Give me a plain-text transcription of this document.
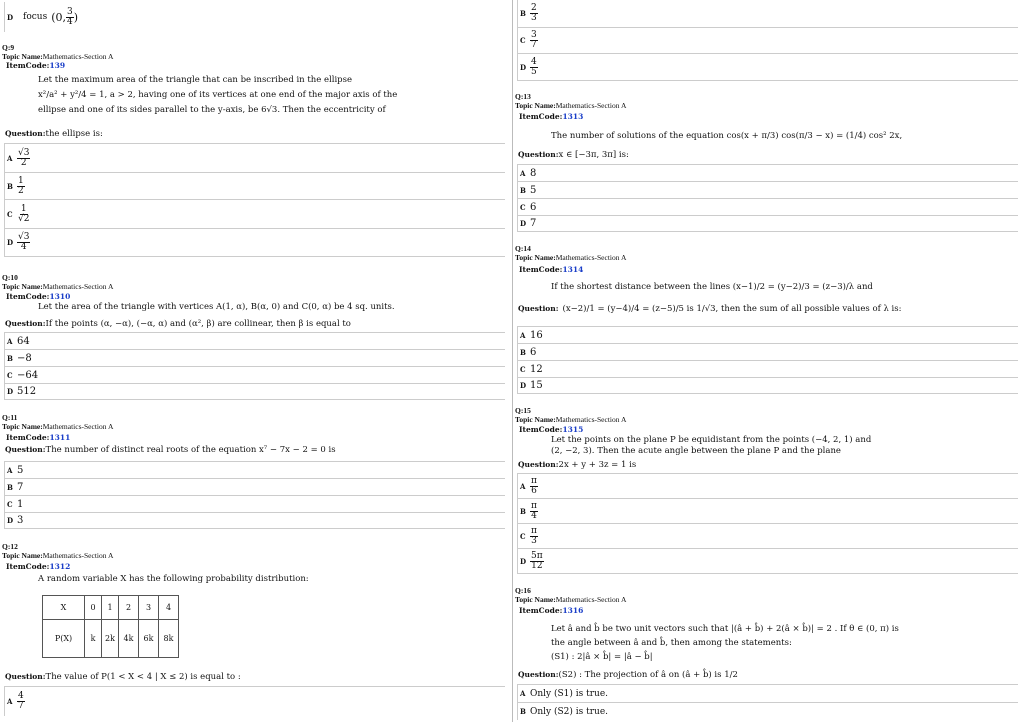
D	focus (0, $\frac{3}{4}$ )
Q:9
Topic Name:Mathematics-Section A
ItemCode:139
Let the maximum area of the triangle that can be inscribed in the ellipse
x²/a² + y²/4 = 1, a > 2, having one of its vertices at one end of the major axis of the
ellipse and one of its sides parallel to the y-axis, be 6√3. Then the eccentricity of
Question:the ellipse is:
A $\frac{√3}{2}$
B $\frac{1}{2}$
C $\frac{1}{√2}$
D $\frac{√3}{4}$
Q:10
Topic Name:Mathematics-Section A
ItemCode:1310
Let the area of the triangle with vertices A(1, α), B(α, 0) and C(0, α) be 4 sq. units.
Question:If the points (α, −α), (−α, α) and (α², β) are collinear, then β is equal to
A 64
B −8
C −64
D 512
Q:11
Topic Name:Mathematics-Section A
ItemCode:1311
Question:The number of distinct real roots of the equation x⁷ − 7x − 2 = 0 is
A 5
B 7
C 1
D 3
Q:12
Topic Name:Mathematics-Section A
ItemCode:1312
A random variable X has the following probability distribution:
X	0	1	2	3	4
P(X)	k	2k	4k	6k	8k
Question:The value of P(1 < X < 4 | X ≤ 2) is equal to :
A $\frac{4}{7}$
B $\frac{2}{3}$
C $\frac{3}{7}$
D $\frac{4}{5}$
Q:13
Topic Name:Mathematics-Section A
ItemCode:1313
The number of solutions of the equation cos(x + π/3) cos(π/3 − x) = (1/4) cos² 2x,
Question:x ∈ [−3π, 3π] is:
A 8
B 5
C 6
D 7
Q:14
Topic Name:Mathematics-Section A
ItemCode:1314
If the shortest distance between the lines (x−1)/2 = (y−2)/3 = (z−3)/λ and
Question: (x−2)/1 = (y−4)/4 = (z−5)/5 is 1/√3, then the sum of all possible values of λ is:
A 16
B 6
C 12
D 15
Q:15
Topic Name:Mathematics-Section A
ItemCode:1315
Let the points on the plane P be equidistant from the points (−4, 2, 1) and
(2, −2, 3). Then the acute angle between the plane P and the plane
Question:2x + y + 3z = 1 is
A $\frac{\pi}{6}$
B $\frac{\pi}{4}$
C $\frac{\pi}{3}$
D $\frac{5\pi}{12}$
Q:16
Topic Name:Mathematics-Section A
ItemCode:1316
Let â and b̂ be two unit vectors such that |(â + b̂) + 2(â × b̂)| = 2 . If θ ∈ (0, π) is
the angle between â and b̂, then among the statements:
(S1) : 2|â × b̂| = |â − b̂|
Question:(S2) : The projection of â on (â + b̂) is 1/2
A Only (S1) is true.
B Only (S2) is true.
